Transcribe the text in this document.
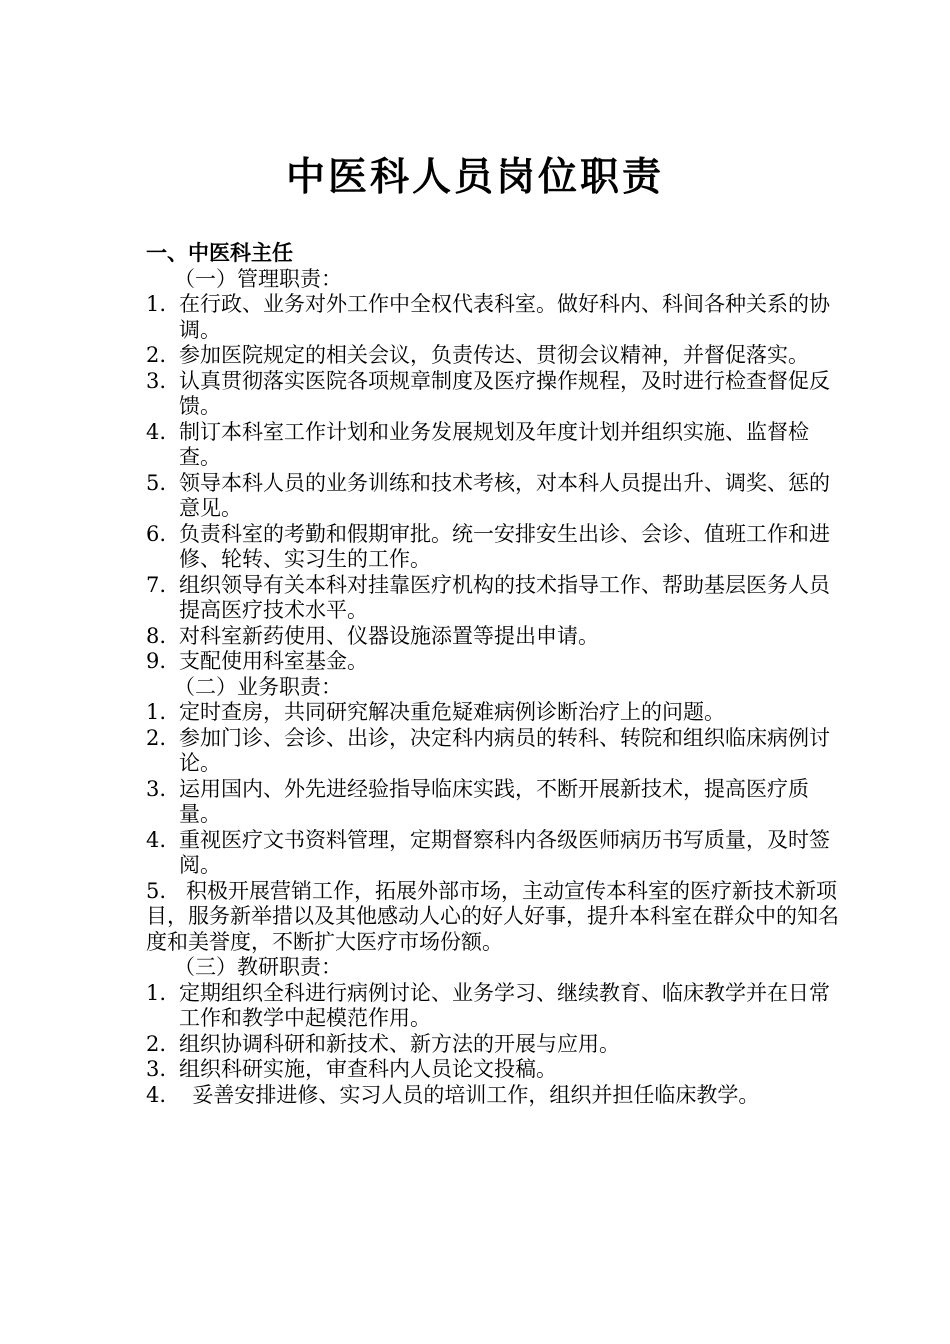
中医科人员岗位职责
一、中医科主任
（一）管理职责：
1. 在行政、业务对外工作中全权代表科室。做好科内、科间各种关系的协调。
2. 参加医院规定的相关会议，负责传达、贯彻会议精神，并督促落实。
3. 认真贯彻落实医院各项规章制度及医疗操作规程，及时进行检查督促反馈。
4. 制订本科室工作计划和业务发展规划及年度计划并组织实施、监督检查。
5. 领导本科人员的业务训练和技术考核，对本科人员提出升、调奖、惩的意见。
6. 负责科室的考勤和假期审批。统一安排安生出诊、会诊、值班工作和进修、轮转、实习生的工作。
7. 组织领导有关本科对挂靠医疗机构的技术指导工作、帮助基层医务人员提高医疗技术水平。
8. 对科室新药使用、仪器设施添置等提出申请。
9. 支配使用科室基金。
（二）业务职责：
1. 定时查房，共同研究解决重危疑难病例诊断治疗上的问题。
2. 参加门诊、会诊、出诊，决定科内病员的转科、转院和组织临床病例讨论。
3. 运用国内、外先进经验指导临床实践，不断开展新技术，提高医疗质量。
4. 重视医疗文书资料管理，定期督察科内各级医师病历书写质量，及时签阅。
5.   积极开展营销工作，拓展外部市场，主动宣传本科室的医疗新技术新项目，服务新举措以及其他感动人心的好人好事，提升本科室在群众中的知名度和美誉度，不断扩大医疗市场份额。
（三）教研职责：
1. 定期组织全科进行病例讨论、业务学习、继续教育、临床教学并在日常工作和教学中起模范作用。
2. 组织协调科研和新技术、新方法的开展与应用。
3. 组织科研实施，审查科内人员论文投稿。
4. 妥善安排进修、实习人员的培训工作，组织并担任临床教学。
